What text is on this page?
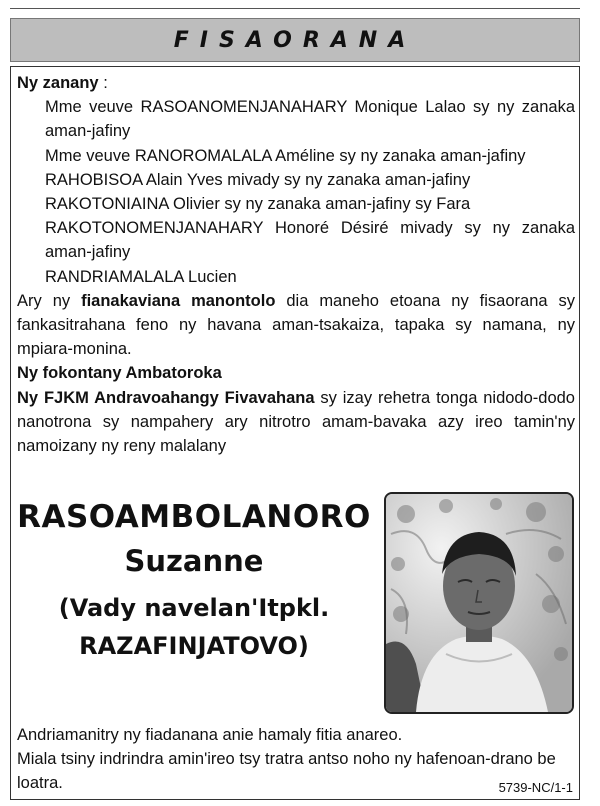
FISAORANA

Ny zanany :

Mme veuve RASOANOMENJANAHARY Monique Lalao sy ny zanaka aman-jafiny

Mme veuve RANOROMALALA Améline sy ny zanaka aman-jafiny

RAHOBISOA Alain Yves mivady sy ny zanaka aman-jafiny

RAKOTONIAINA Olivier sy ny zanaka aman-jafiny sy Fara

RAKOTONOMENJANAHARY Honoré Désiré mivady sy ny zanaka aman-jafiny

RANDRIAMALALA Lucien

Ary ny fianakaviana manontolo dia maneho etoana ny fisaorana sy fankasitrahana feno ny havana aman-tsakaiza, tapaka sy namana, ny mpiara-monina.

Ny fokontany Ambatoroka

Ny FJKM Andravoahangy Fivavahana sy izay rehetra tonga nidodo-dodo nanotrona sy nampahery ary nitrotro amam-bavaka azy ireo tamin'ny namoizany ny reny malalany

RASOAMBOLANORO
Suzanne
(Vady navelan'Itpkl.
RAZAFINJATOVO)

Andriamanitry ny fiadanana anie hamaly fitia anareo.

Miala tsiny indrindra amin'ireo tsy tratra antso noho ny hafenoan-drano be loatra.	5739-NC/1-1
